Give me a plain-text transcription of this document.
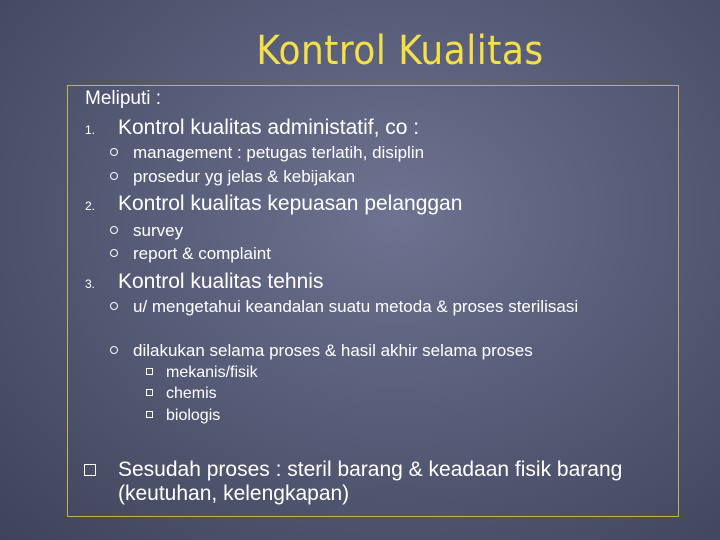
Kontrol Kualitas
Meliputi :
1. Kontrol kualitas administatif, co :
management : petugas terlatih, disiplin
prosedur yg jelas & kebijakan
2. Kontrol kualitas kepuasan pelanggan
survey
report & complaint
3. Kontrol kualitas tehnis
u/ mengetahui keandalan suatu metoda & proses sterilisasi
dilakukan selama proses & hasil akhir selama proses
mekanis/fisik
chemis
biologis
Sesudah proses : steril barang & keadaan fisik barang (keutuhan, kelengkapan)
